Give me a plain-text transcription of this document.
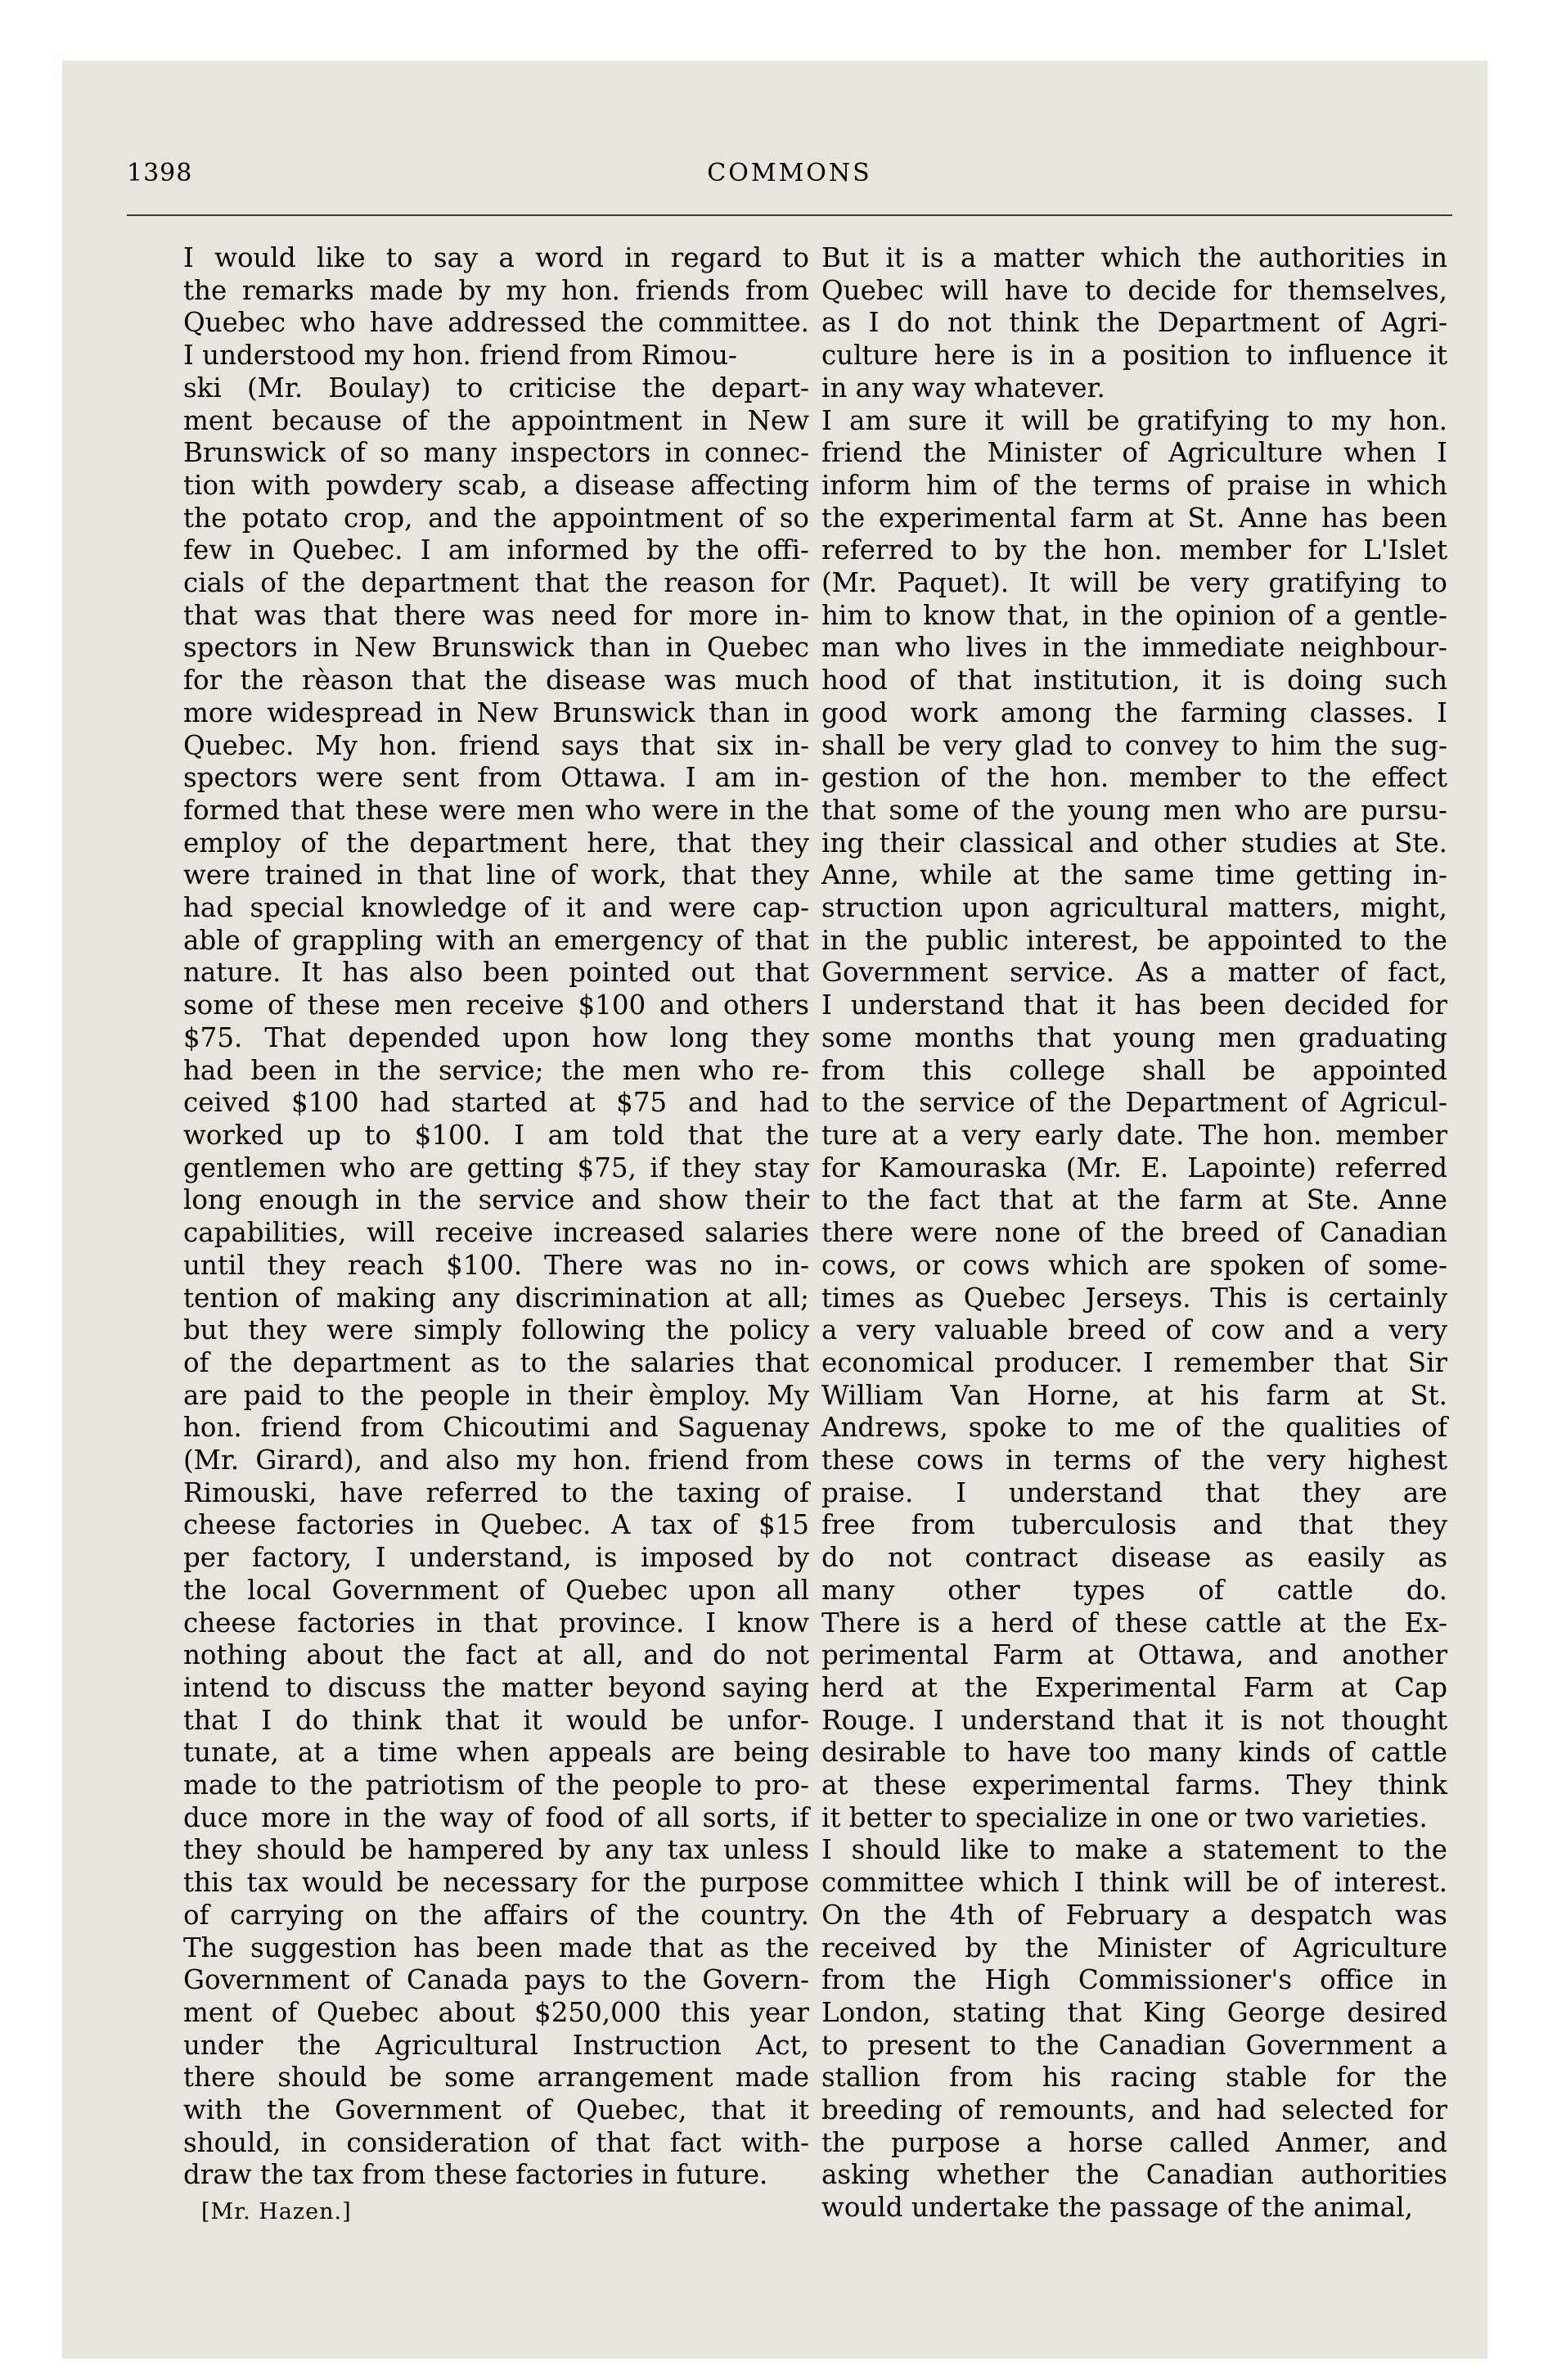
1398	COMMONS
I would like to say a word in regard to
the remarks made by my hon. friends from
Quebec who have addressed the committee.
I understood my hon. friend from Rimou-
ski (Mr. Boulay) to criticise the depart-
ment because of the appointment in New
Brunswick of so many inspectors in connec-
tion with powdery scab, a disease affecting
the potato crop, and the appointment of so
few in Quebec. I am informed by the offi-
cials of the department that the reason for
that was that there was need for more in-
spectors in New Brunswick than in Quebec
for the rèason that the disease was much
more widespread in New Brunswick than in
Quebec. My hon. friend says that six in-
spectors were sent from Ottawa. I am in-
formed that these were men who were in the
employ of the department here, that they
were trained in that line of work, that they
had special knowledge of it and were cap-
able of grappling with an emergency of that
nature. It has also been pointed out that
some of these men receive $100 and others
$75. That depended upon how long they
had been in the service; the men who re-
ceived $100 had started at $75 and had
worked up to $100. I am told that the
gentlemen who are getting $75, if they stay
long enough in the service and show their
capabilities, will receive increased salaries
until they reach $100. There was no in-
tention of making any discrimination at all;
but they were simply following the policy
of the department as to the salaries that
are paid to the people in their èmploy. My
hon. friend from Chicoutimi and Saguenay
(Mr. Girard), and also my hon. friend from
Rimouski, have referred to the taxing of
cheese factories in Quebec. A tax of $15
per factory, I understand, is imposed by
the local Government of Quebec upon all
cheese factories in that province. I know
nothing about the fact at all, and do not
intend to discuss the matter beyond saying
that I do think that it would be unfor-
tunate, at a time when appeals are being
made to the patriotism of the people to pro-
duce more in the way of food of all sorts, if
they should be hampered by any tax unless
this tax would be necessary for the purpose
of carrying on the affairs of the country.
The suggestion has been made that as the
Government of Canada pays to the Govern-
ment of Quebec about $250,000 this year
under the Agricultural Instruction Act,
there should be some arrangement made
with the Government of Quebec, that it
should, in consideration of that fact with-
draw the tax from these factories in future.
But it is a matter which the authorities in
Quebec will have to decide for themselves,
as I do not think the Department of Agri-
culture here is in a position to influence it
in any way whatever.
I am sure it will be gratifying to my hon.
friend the Minister of Agriculture when I
inform him of the terms of praise in which
the experimental farm at St. Anne has been
referred to by the hon. member for L'Islet
(Mr. Paquet). It will be very gratifying to
him to know that, in the opinion of a gentle-
man who lives in the immediate neighbour-
hood of that institution, it is doing such
good work among the farming classes. I
shall be very glad to convey to him the sug-
gestion of the hon. member to the effect
that some of the young men who are pursu-
ing their classical and other studies at Ste.
Anne, while at the same time getting in-
struction upon agricultural matters, might,
in the public interest, be appointed to the
Government service. As a matter of fact,
I understand that it has been decided for
some months that young men graduating
from this college shall be appointed
to the service of the Department of Agricul-
ture at a very early date. The hon. member
for Kamouraska (Mr. E. Lapointe) referred
to the fact that at the farm at Ste. Anne
there were none of the breed of Canadian
cows, or cows which are spoken of some-
times as Quebec Jerseys. This is certainly
a very valuable breed of cow and a very
economical producer. I remember that Sir
William Van Horne, at his farm at St.
Andrews, spoke to me of the qualities of
these cows in terms of the very highest
praise. I understand that they are
free from tuberculosis and that they
do not contract disease as easily as
many other types of cattle do.
There is a herd of these cattle at the Ex-
perimental Farm at Ottawa, and another
herd at the Experimental Farm at Cap
Rouge. I understand that it is not thought
desirable to have too many kinds of cattle
at these experimental farms. They think
it better to specialize in one or two varieties.
I should like to make a statement to the
committee which I think will be of interest.
On the 4th of February a despatch was
received by the Minister of Agriculture
from the High Commissioner's office in
London, stating that King George desired
to present to the Canadian Government a
stallion from his racing stable for the
breeding of remounts, and had selected for
the purpose a horse called Anmer, and
asking whether the Canadian authorities
would undertake the passage of the animal,
[Mr. Hazen.]
